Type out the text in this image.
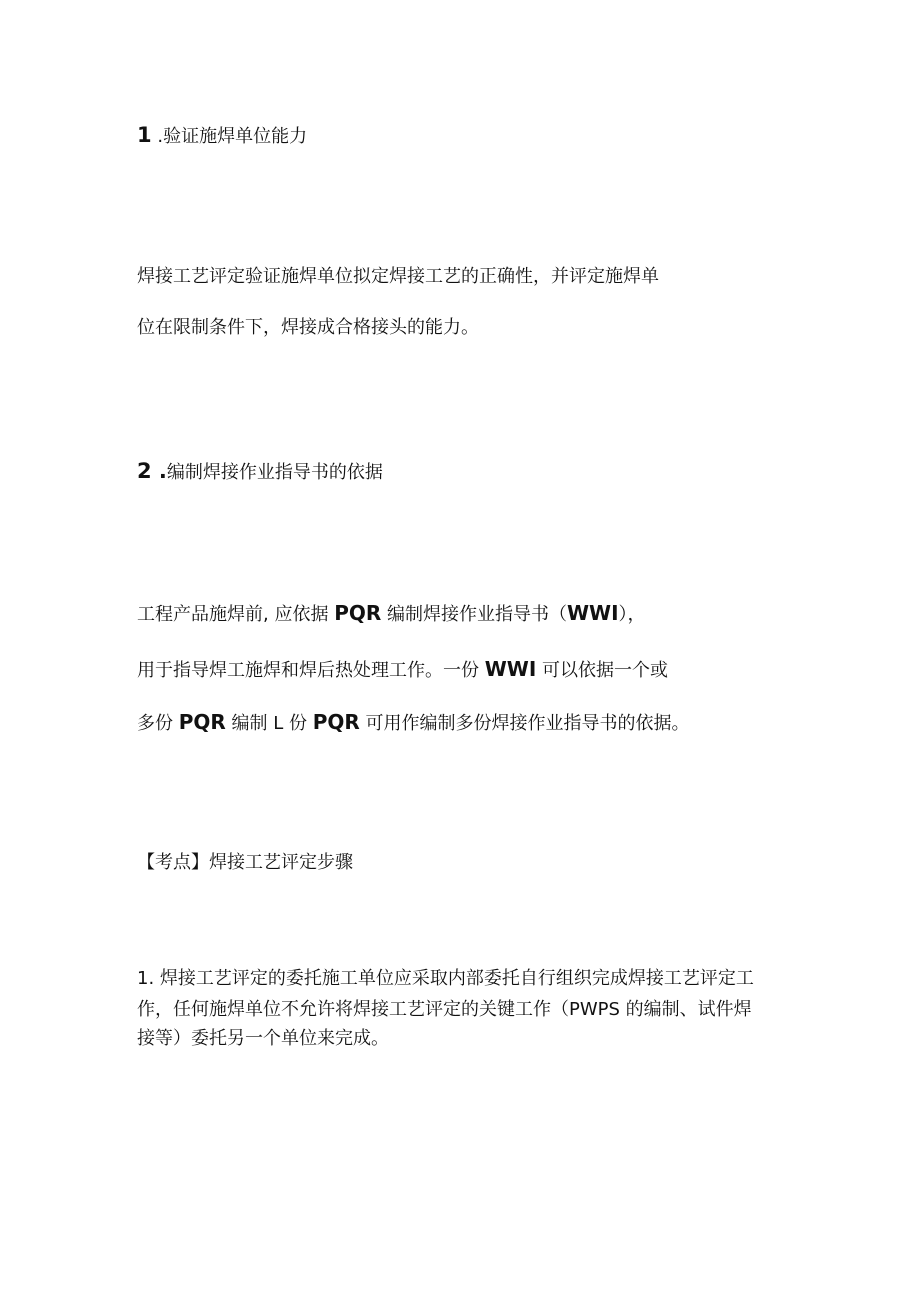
1 .验证施焊单位能力
焊接工艺评定验证施焊单位拟定焊接工艺的正确性，并评定施焊单
位在限制条件下，焊接成合格接头的能力。
2 .编制焊接作业指导书的依据
工程产品施焊前, 应依据 PQR 编制焊接作业指导书（WWI），
用于指导焊工施焊和焊后热处理工作。一份 WWI 可以依据一个或
多份 PQR 编制 L 份 PQR 可用作编制多份焊接作业指导书的依据。
【考点】焊接工艺评定步骤
1. 焊接工艺评定的委托施工单位应采取内部委托自行组织完成焊接工艺评定工
作，任何施焊单位不允许将焊接工艺评定的关键工作（PWPS 的编制、试件焊
接等）委托另一个单位来完成。
